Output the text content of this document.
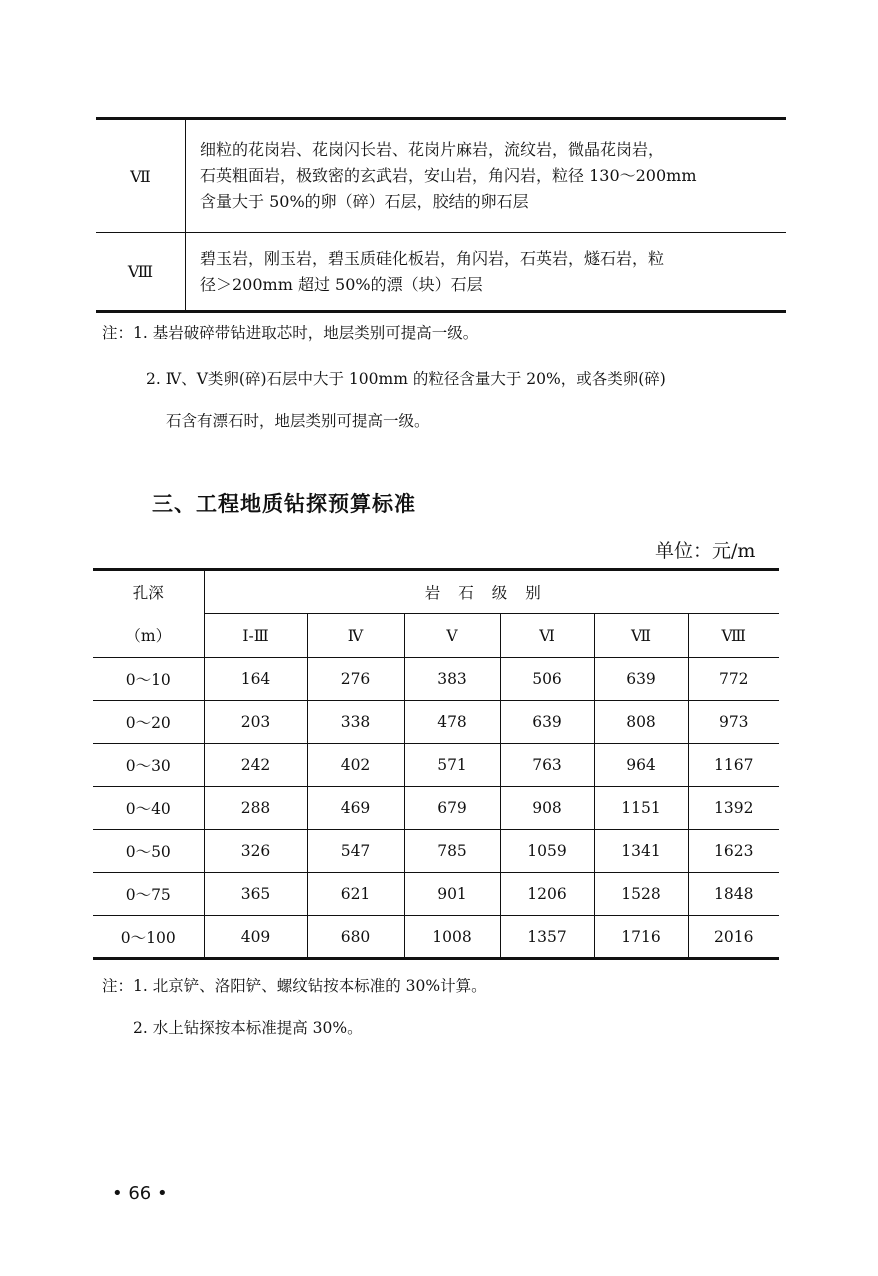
Ⅶ	细粒的花岗岩、花岗闪长岩、花岗片麻岩，流纹岩，微晶花岗岩，
石英粗面岩，极致密的玄武岩，安山岩，角闪岩，粒径 130～200mm
含量大于 50%的卵（碎）石层，胶结的卵石层

Ⅷ	碧玉岩，刚玉岩，碧玉质硅化板岩，角闪岩，石英岩，燧石岩，粒
径＞200mm 超过 50%的漂（块）石层
注：1. 基岩破碎带钻进取芯时，地层类别可提高一级。
2. Ⅳ、Ⅴ类卵(碎)石层中大于 100mm 的粒径含量大于 20%，或各类卵(碎)
石含有漂石时，地层类别可提高一级。
三、工程地质钻探预算标准
单位：元/m
孔深	岩石级别					
（m）	Ⅰ-Ⅲ	Ⅳ	Ⅴ	Ⅵ	Ⅶ	Ⅷ
0～10	164	276	383	506	639	772
0～20	203	338	478	639	808	973
0～30	242	402	571	763	964	1167
0～40	288	469	679	908	1151	1392
0～50	326	547	785	1059	1341	1623
0～75	365	621	901	1206	1528	1848
0～100	409	680	1008	1357	1716	2016
注：1. 北京铲、洛阳铲、螺纹钻按本标准的 30%计算。
2. 水上钻探按本标准提高 30%。
• 66 •
